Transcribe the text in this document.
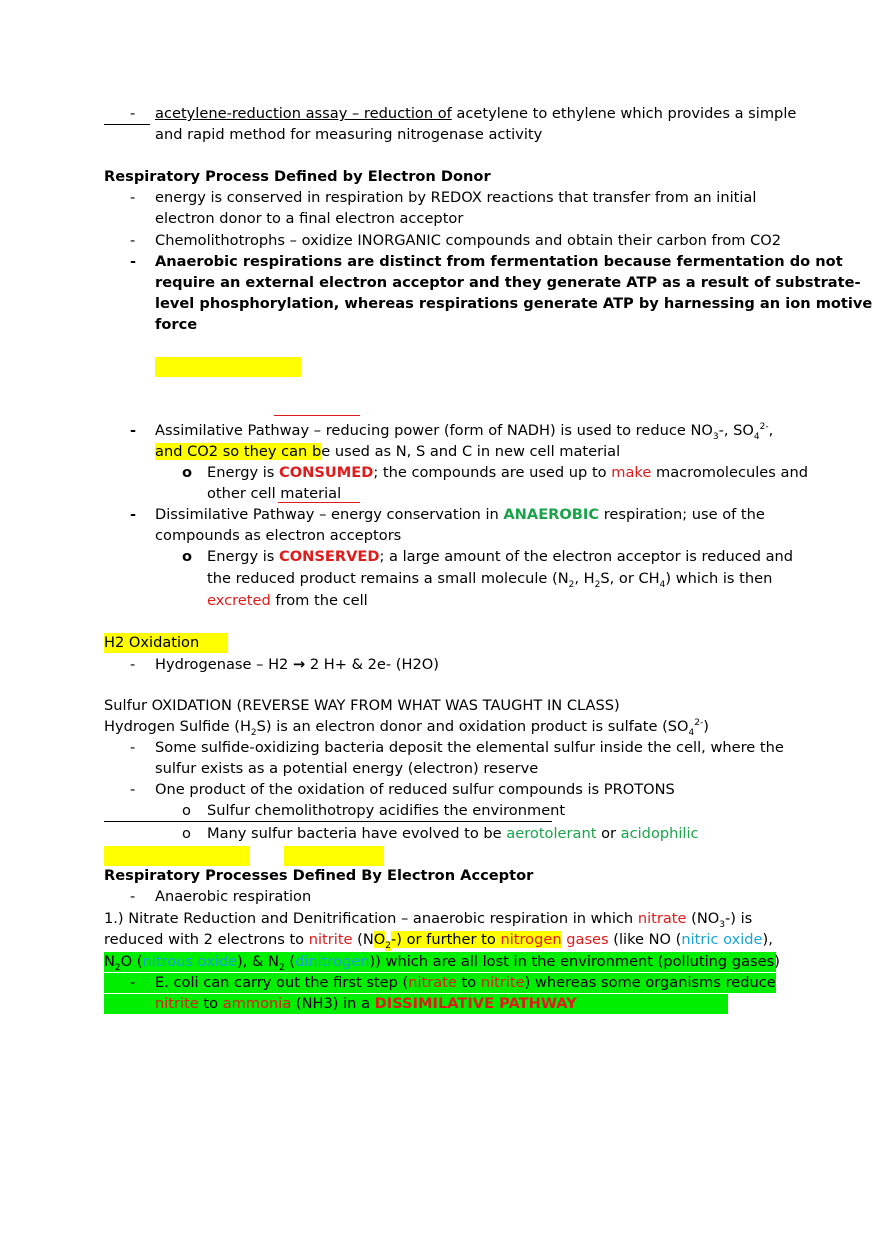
- acetylene-reduction assay – reduction of acetylene to ethylene which provides a simple
and rapid method for measuring nitrogenase activity
Respiratory Process Defined by Electron Donor
- energy is conserved in respiration by REDOX reactions that transfer from an initial
electron donor to a final electron acceptor
- Chemolithotrophs – oxidize INORGANIC compounds and obtain their carbon from CO2
- Anaerobic respirations are distinct from fermentation because fermentation do not
require an external electron acceptor and they generate ATP as a result of substrate-
level phosphorylation, whereas respirations generate ATP by harnessing an ion motive
force
- Assimilative Pathway – reducing power (form of NADH) is used to reduce $NO_3-$, $SO_4^{2-}$,
and CO2 so they can be used as N, S and C in new cell material
o Energy is CONSUMED; the compounds are used up to make macromolecules and
other cell material
- Dissimilative Pathway – energy conservation in ANAEROBIC respiration; use of the
compounds as electron acceptors
o Energy is CONSERVED; a large amount of the electron acceptor is reduced and
the reduced product remains a small molecule ($N_2$, $H_2S$, or $CH_4$) which is then
excreted from the cell
H2 Oxidation
- Hydrogenase – H2 → 2 H+ & 2e- (H2O)
Sulfur OXIDATION (REVERSE WAY FROM WHAT WAS TAUGHT IN CLASS)
Hydrogen Sulfide $(H_2S)$ is an electron donor and oxidation product is sulfate $(SO_4^{2-})$
- Some sulfide-oxidizing bacteria deposit the elemental sulfur inside the cell, where the
sulfur exists as a potential energy (electron) reserve
- One product of the oxidation of reduced sulfur compounds is PROTONS
o Sulfur chemolithotropy acidifies the environment
o Many sulfur bacteria have evolved to be aerotolerant or acidophilic
Respiratory Processes Defined By Electron Acceptor
- Anaerobic respiration
1.) Nitrate Reduction and Denitrification – anaerobic respiration in which nitrate $(NO_3-)$ is
reduced with 2 electrons to nitrite $(NO_2-)$ or further to nitrogen gases (like NO (nitric oxide),
$N_2O$ (nitrous oxide), & $N_2$ (dinitrogen)) which are all lost in the environment (polluting gases)
- E. coli can carry out the first step (nitrate to nitrite) whereas some organisms reduce
nitrite to ammonia (NH3) in a DISSIMILATIVE PATHWAY
